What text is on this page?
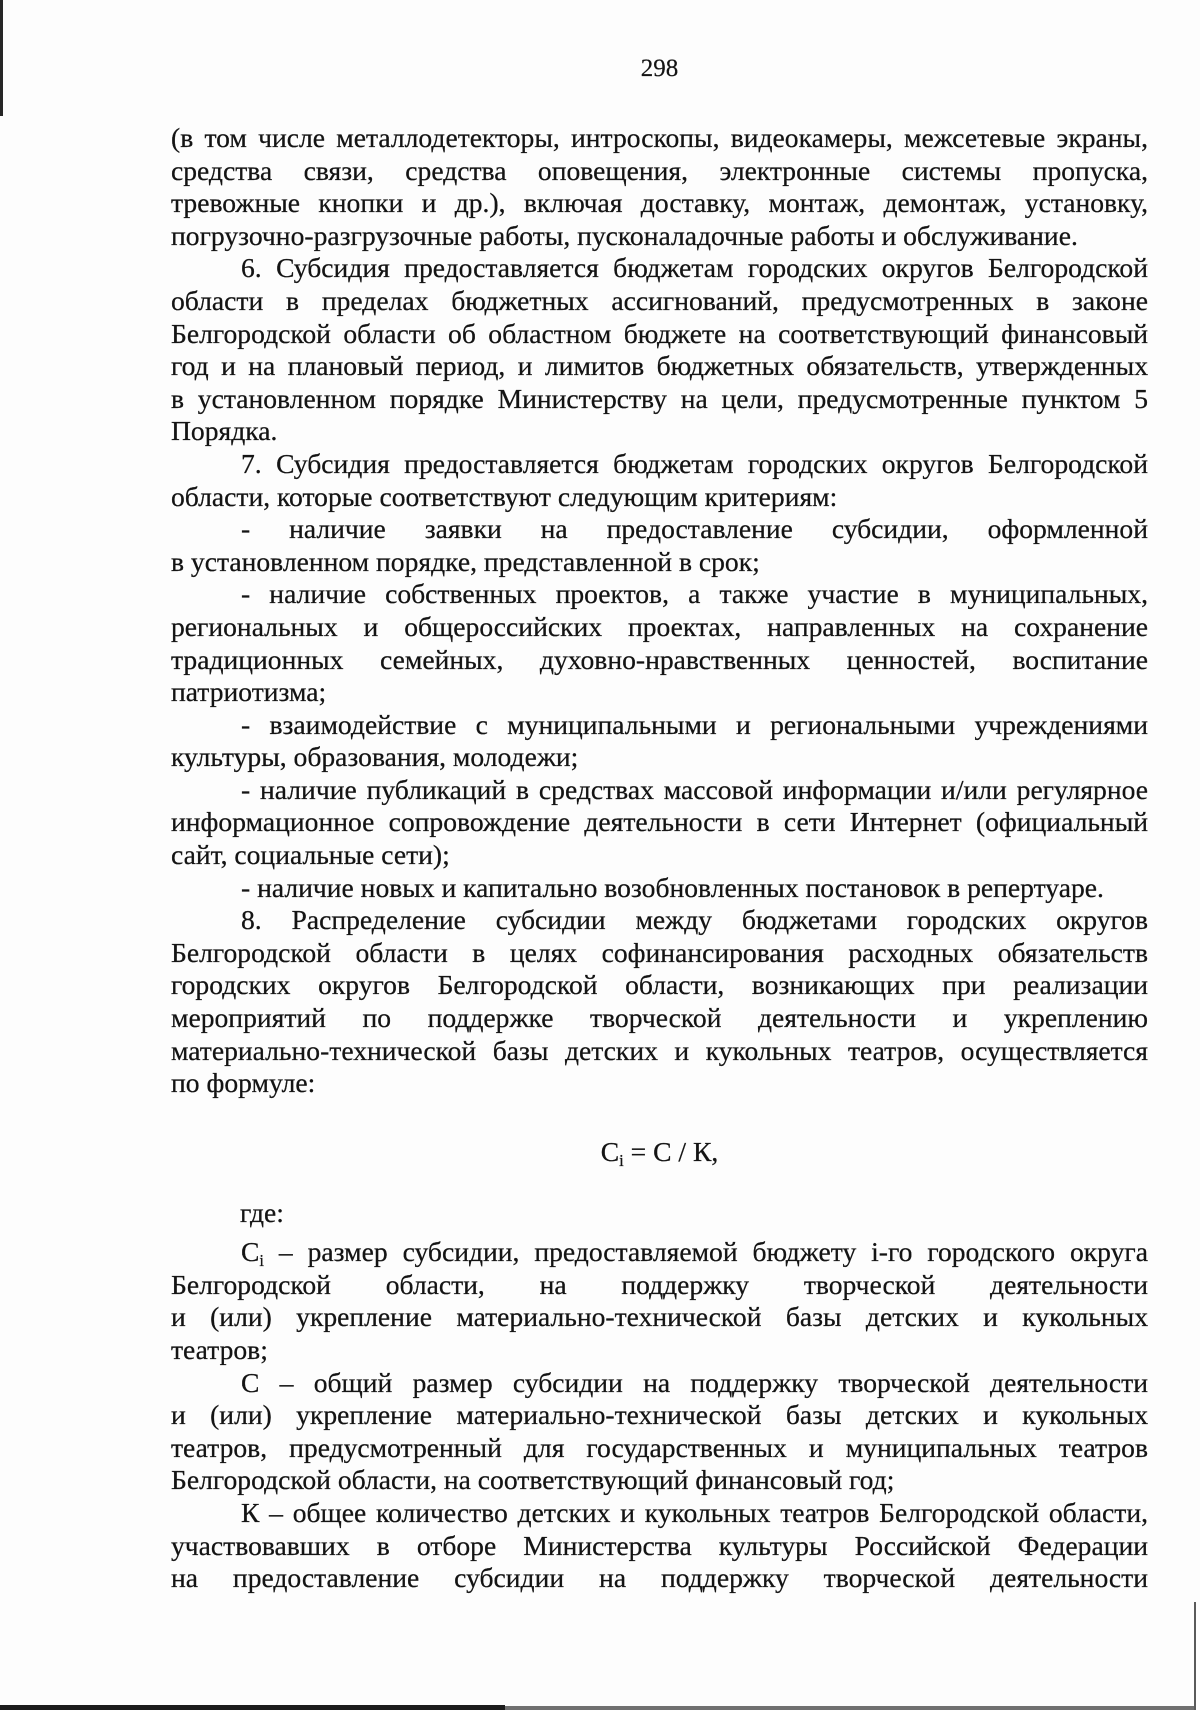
298
(в том числе металлодетекторы, интроскопы, видеокамеры, межсетевые экраны,
средства связи, средства оповещения, электронные системы пропуска,
тревожные кнопки и др.), включая доставку, монтаж, демонтаж, установку,
погрузочно-разгрузочные работы, пусконаладочные работы и обслуживание.
6. Субсидия предоставляется бюджетам городских округов Белгородской
области в пределах бюджетных ассигнований, предусмотренных в законе
Белгородской области об областном бюджете на соответствующий финансовый
год и на плановый период, и лимитов бюджетных обязательств, утвержденных
в установленном порядке Министерству на цели, предусмотренные пунктом 5
Порядка.
7. Субсидия предоставляется бюджетам городских округов Белгородской
области, которые соответствуют следующим критериям:
- наличие заявки на предоставление субсидии, оформленной
в установленном порядке, представленной в срок;
- наличие собственных проектов, а также участие в муниципальных,
региональных и общероссийских проектах, направленных на сохранение
традиционных семейных, духовно-нравственных ценностей, воспитание
патриотизма;
- взаимодействие с муниципальными и региональными учреждениями
культуры, образования, молодежи;
- наличие публикаций в средствах массовой информации и/или регулярное
информационное сопровождение деятельности в сети Интернет (официальный
сайт, социальные сети);
- наличие новых и капитально возобновленных постановок в репертуаре.
8. Распределение субсидии между бюджетами городских округов
Белгородской области в целях софинансирования расходных обязательств
городских округов Белгородской области, возникающих при реализации
мероприятий по поддержке творческой деятельности и укреплению
материально-технической базы детских и кукольных театров, осуществляется
по формуле:
$С_i = С / К$,
где:
$С_i$ – размер субсидии, предоставляемой бюджету i-го городского округа
Белгородской области, на поддержку творческой деятельности
и (или) укрепление материально-технической базы детских и кукольных
театров;
С – общий размер субсидии на поддержку творческой деятельности
и (или) укрепление материально-технической базы детских и кукольных
театров, предусмотренный для государственных и муниципальных театров
Белгородской области, на соответствующий финансовый год;
К – общее количество детских и кукольных театров Белгородской области,
участвовавших в отборе Министерства культуры Российской Федерации
на предоставление субсидии на поддержку творческой деятельности
